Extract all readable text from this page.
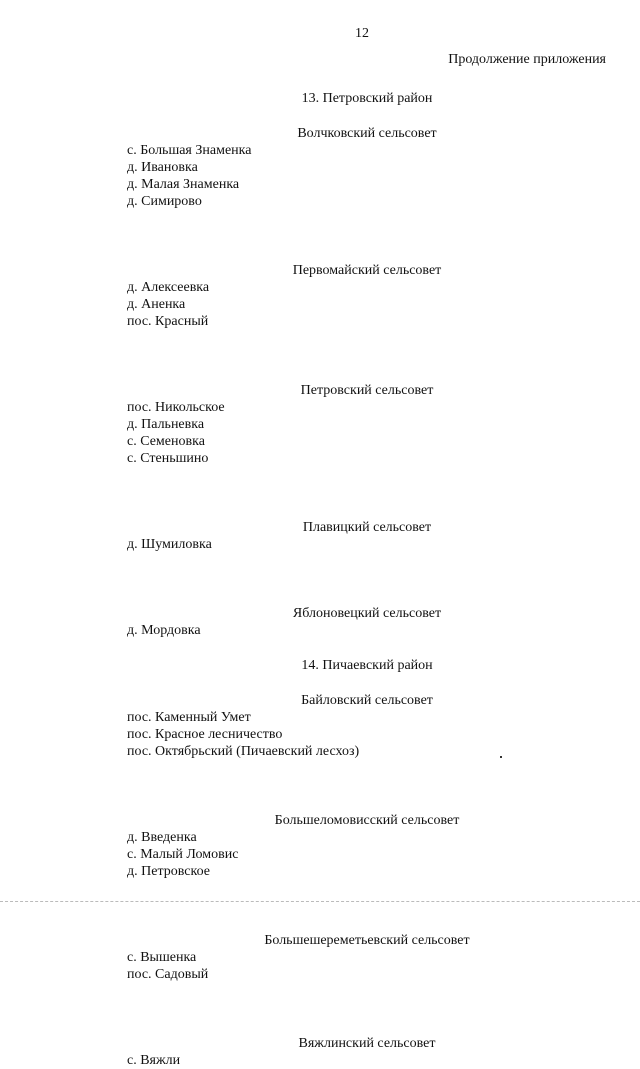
12
Продолжение приложения
13. Петровский район
Волчковский сельсовет
с. Большая Знаменка
д. Ивановка
д. Малая Знаменка
д. Симирово
Первомайский сельсовет
д. Алексеевка
д. Аненка
пос. Красный
Петровский сельсовет
пос. Никольское
д. Пальневка
с. Семеновка
с. Стеньшино
Плавицкий сельсовет
д. Шумиловка
Яблоновецкий сельсовет
д. Мордовка
14. Пичаевский район
Байловский сельсовет
пос. Каменный Умет
пос. Красное лесничество
пос. Октябрьский (Пичаевский лесхоз)
Большеломовисский сельсовет
д. Введенка
с. Малый Ломовис
д. Петровское
Большешереметьевский сельсовет
с. Вышенка
пос. Садовый
Вяжлинский сельсовет
с. Вяжли
